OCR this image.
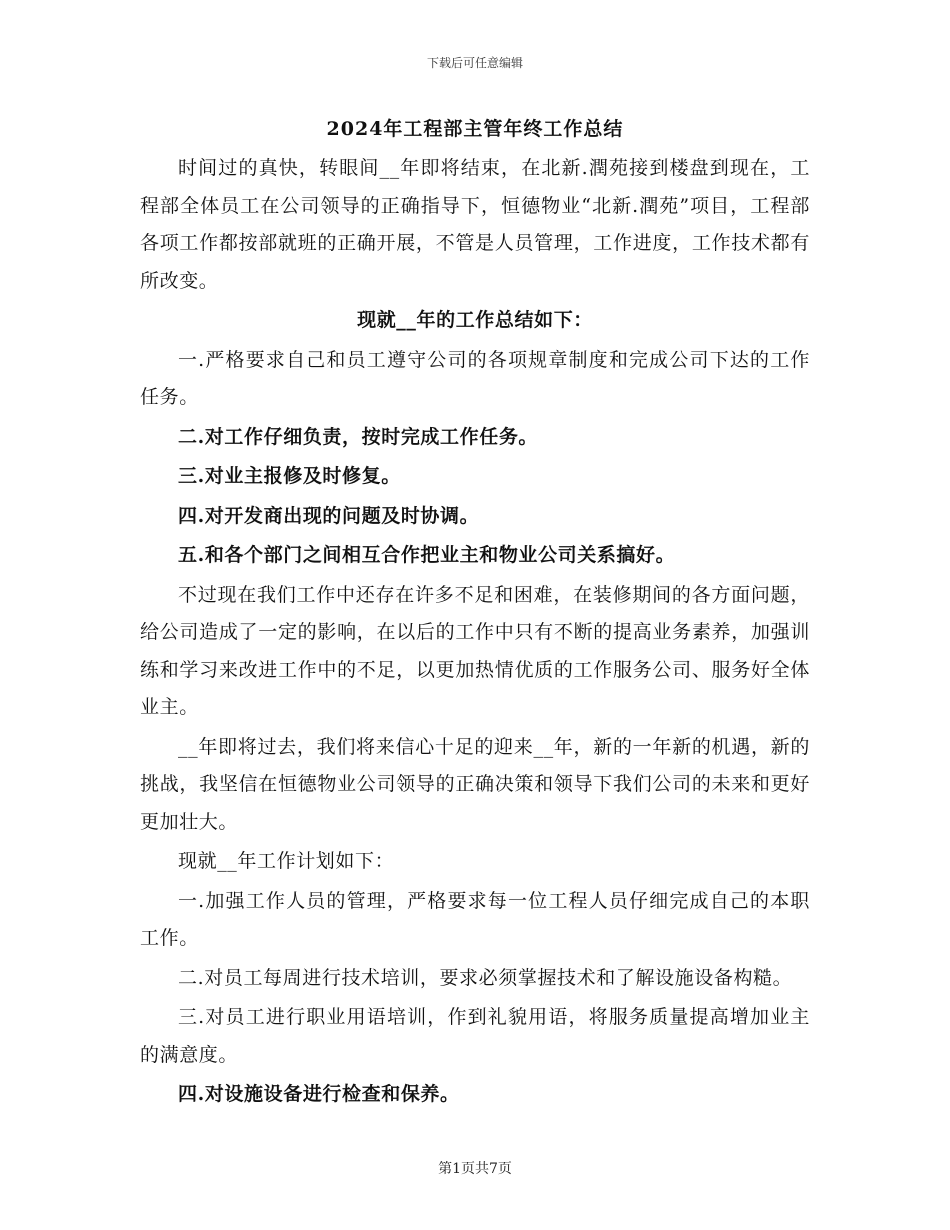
下载后可任意编辑
2024年工程部主管年终工作总结

时间过的真快，转眼间__年即将结束，在北新.潤苑接到楼盘到现在，工程部全体员工在公司领导的正确指导下，恒德物业“北新.潤苑”项目，工程部各项工作都按部就班的正确开展，不管是人员管理，工作进度，工作技术都有所改变。

现就__年的工作总结如下：

一.严格要求自己和员工遵守公司的各项规章制度和完成公司下达的工作任务。

二.对工作仔细负责，按时完成工作任务。

三.对业主报修及时修复。

四.对开发商出现的问题及时协调。

五.和各个部门之间相互合作把业主和物业公司关系搞好。

不过现在我们工作中还存在许多不足和困难，在装修期间的各方面问题，给公司造成了一定的影响，在以后的工作中只有不断的提高业务素养，加强训练和学习来改进工作中的不足，以更加热情优质的工作服务公司、服务好全体业主。

__年即将过去，我们将来信心十足的迎来__年，新的一年新的机遇，新的挑战，我坚信在恒德物业公司领导的正确决策和领导下我们公司的未来和更好更加壮大。

现就__年工作计划如下：

一.加强工作人员的管理，严格要求每一位工程人员仔细完成自己的本职工作。

二.对员工每周进行技术培训，要求必须掌握技术和了解设施设备构糙。

三.对员工进行职业用语培训，作到礼貌用语，将服务质量提高增加业主的满意度。

四.对设施设备进行检查和保养。

第1页共7页
